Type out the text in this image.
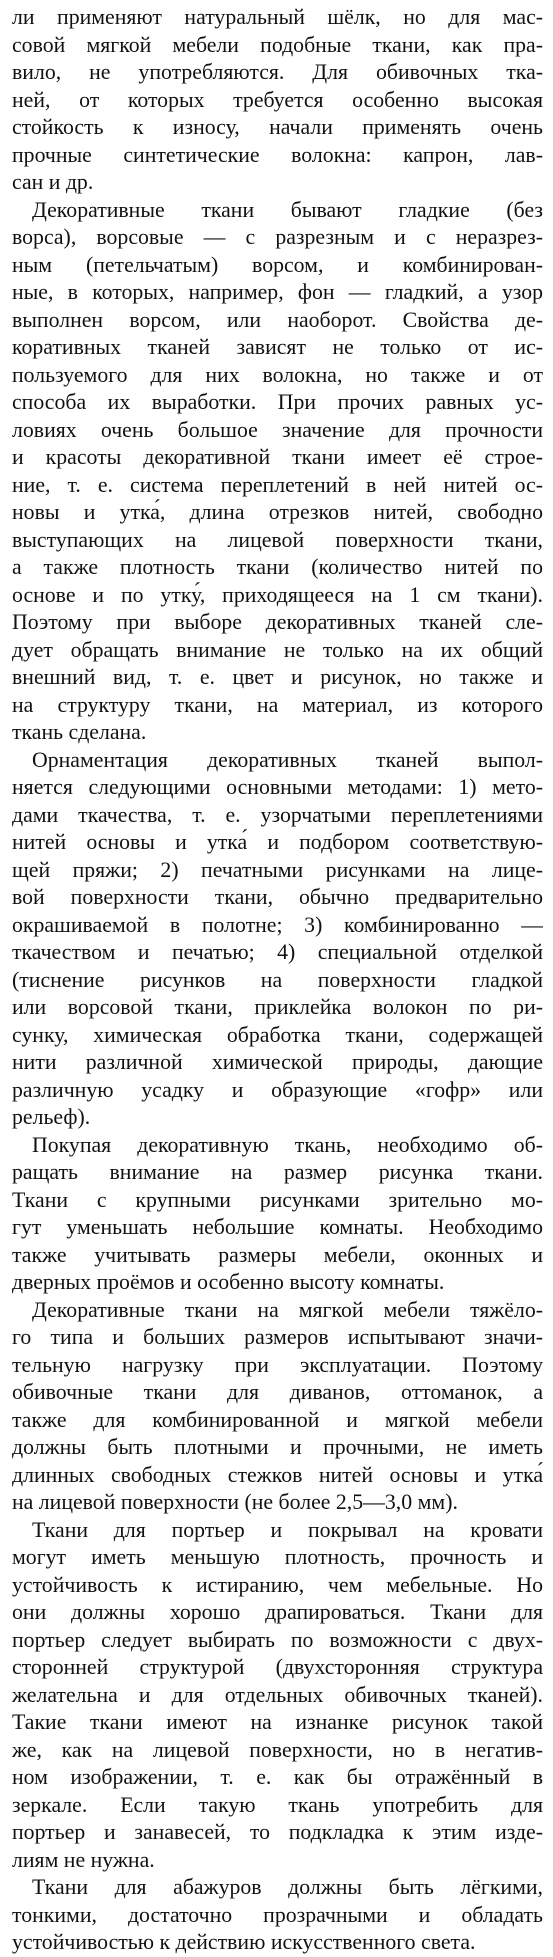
ли применяют натуральный шёлк, но для мас-
совой мягкой мебели подобные ткани, как пра-
вило, не употребляются. Для обивочных тка-
ней, от которых требуется особенно высокая
стойкость к износу, начали применять очень
прочные синтетические волокна: капрон, лав-
сан и др.
Декоративные ткани бывают гладкие (без
ворса), ворсовые — с разрезным и с неразрез-
ным (петельчатым) ворсом, и комбинирован-
ные, в которых, например, фон — гладкий, а узор
выполнен ворсом, или наоборот. Свойства де-
коративных тканей зависят не только от ис-
пользуемого для них волокна, но также и от
способа их выработки. При прочих равных ус-
ловиях очень большое значение для прочности
и красоты декоративной ткани имеет её строе-
ние, т. е. система переплетений в ней нитей ос-
новы и утка́, длина отрезков нитей, свободно
выступающих на лицевой поверхности ткани,
а также плотность ткани (количество нитей по
основе и по утку́, приходящееся на 1 см ткани).
Поэтому при выборе декоративных тканей сле-
дует обращать внимание не только на их общий
внешний вид, т. е. цвет и рисунок, но также и
на структуру ткани, на материал, из которого
ткань сделана.
Орнаментация декоративных тканей выпол-
няется следующими основными методами: 1) мето-
дами ткачества, т. е. узорчатыми переплетениями
нитей основы и утка́ и подбором соответствую-
щей пряжи; 2) печатными рисунками на лице-
вой поверхности ткани, обычно предварительно
окрашиваемой в полотне; 3) комбинированно —
ткачеством и печатью; 4) специальной отделкой
(тиснение рисунков на поверхности гладкой
или ворсовой ткани, приклейка волокон по ри-
сунку, химическая обработка ткани, содержащей
нити различной химической природы, дающие
различную усадку и образующие «гофр» или
рельеф).
Покупая декоративную ткань, необходимо об-
ращать внимание на размер рисунка ткани.
Ткани с крупными рисунками зрительно мо-
гут уменьшать небольшие комнаты. Необходимо
также учитывать размеры мебели, оконных и
дверных проёмов и особенно высоту комнаты.
Декоративные ткани на мягкой мебели тяжёло-
го типа и больших размеров испытывают значи-
тельную нагрузку при эксплуатации. Поэтому
обивочные ткани для диванов, оттоманок, а
также для комбинированной и мягкой мебели
должны быть плотными и прочными, не иметь
длинных свободных стежков нитей основы и утка́
на лицевой поверхности (не более 2,5—3,0 мм).
Ткани для портьер и покрывал на кровати
могут иметь меньшую плотность, прочность и
устойчивость к истиранию, чем мебельные. Но
они должны хорошо драпироваться. Ткани для
портьер следует выбирать по возможности с двух-
сторонней структурой (двухсторонняя структура
желательна и для отдельных обивочных тканей).
Такие ткани имеют на изнанке рисунок такой
же, как на лицевой поверхности, но в негатив-
ном изображении, т. е. как бы отражённый в
зеркале. Если такую ткань употребить для
портьер и занавесей, то подкладка к этим изде-
лиям не нужна.
Ткани для абажуров должны быть лёгкими,
тонкими, достаточно прозрачными и обладать
устойчивостью к действию искусственного света.
